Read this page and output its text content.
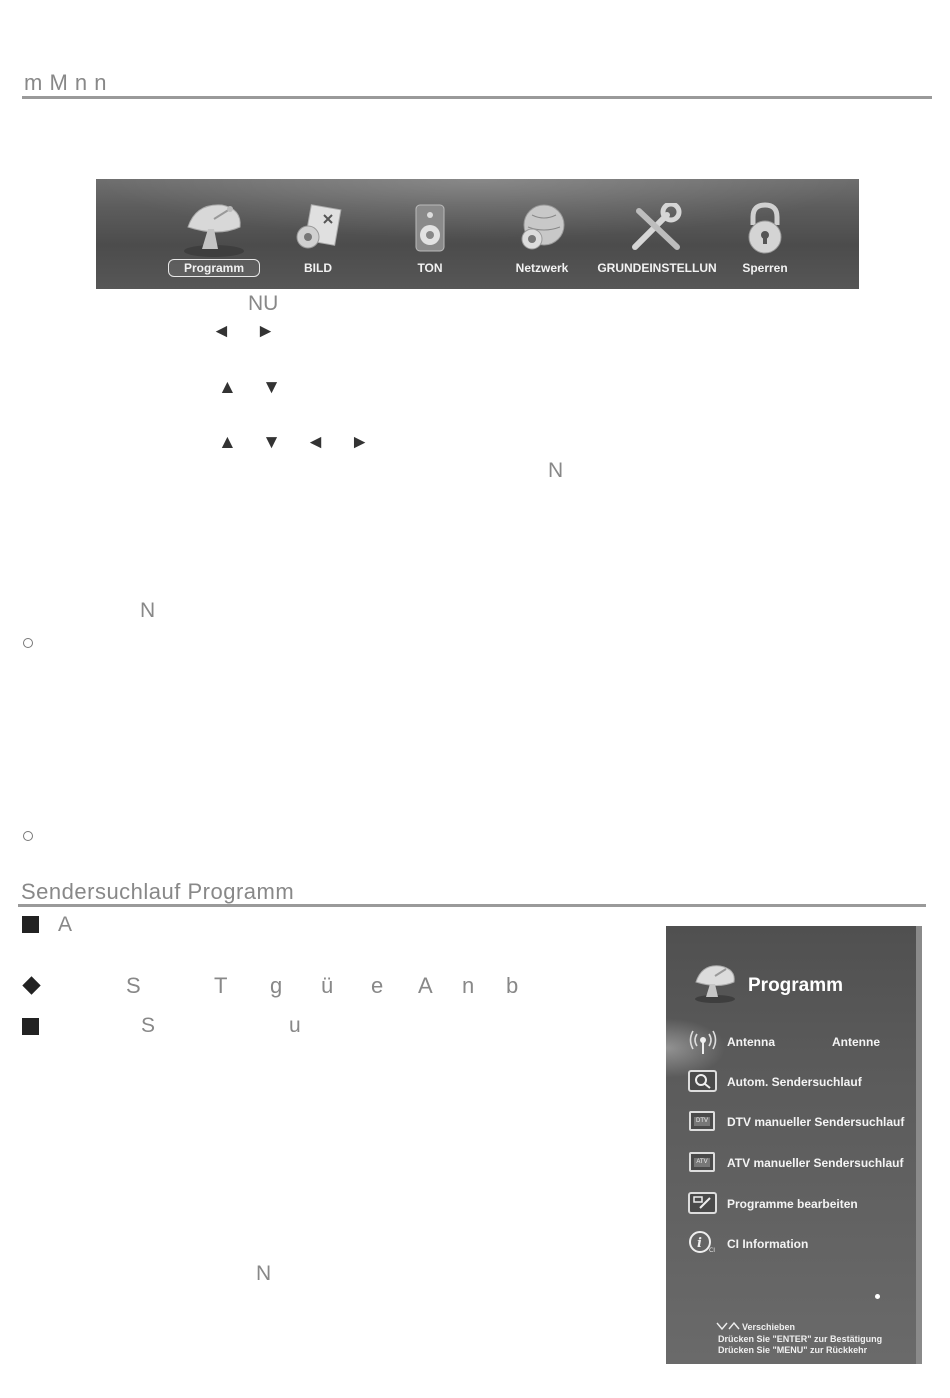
m M n n
Programm	BILD	TON	Netzwerk	GRUNDEINSTELLUN	Sperren
NU
◄ ►
▲ ▼
▲ ▼ ◄ ►
N
N
Sendersuchlauf Programm
A
S	T g ü e A n b
S	u
N
Programm
Antenna	Antenne
Autom. Sendersuchlauf
DTV DTV manueller Sendersuchlauf
ATV ATV manueller Sendersuchlauf
Programme bearbeiten
i CI CI Information
Verschieben
Drücken Sie "ENTER" zur Bestätigung
Drücken Sie "MENU" zur Rückkehr
